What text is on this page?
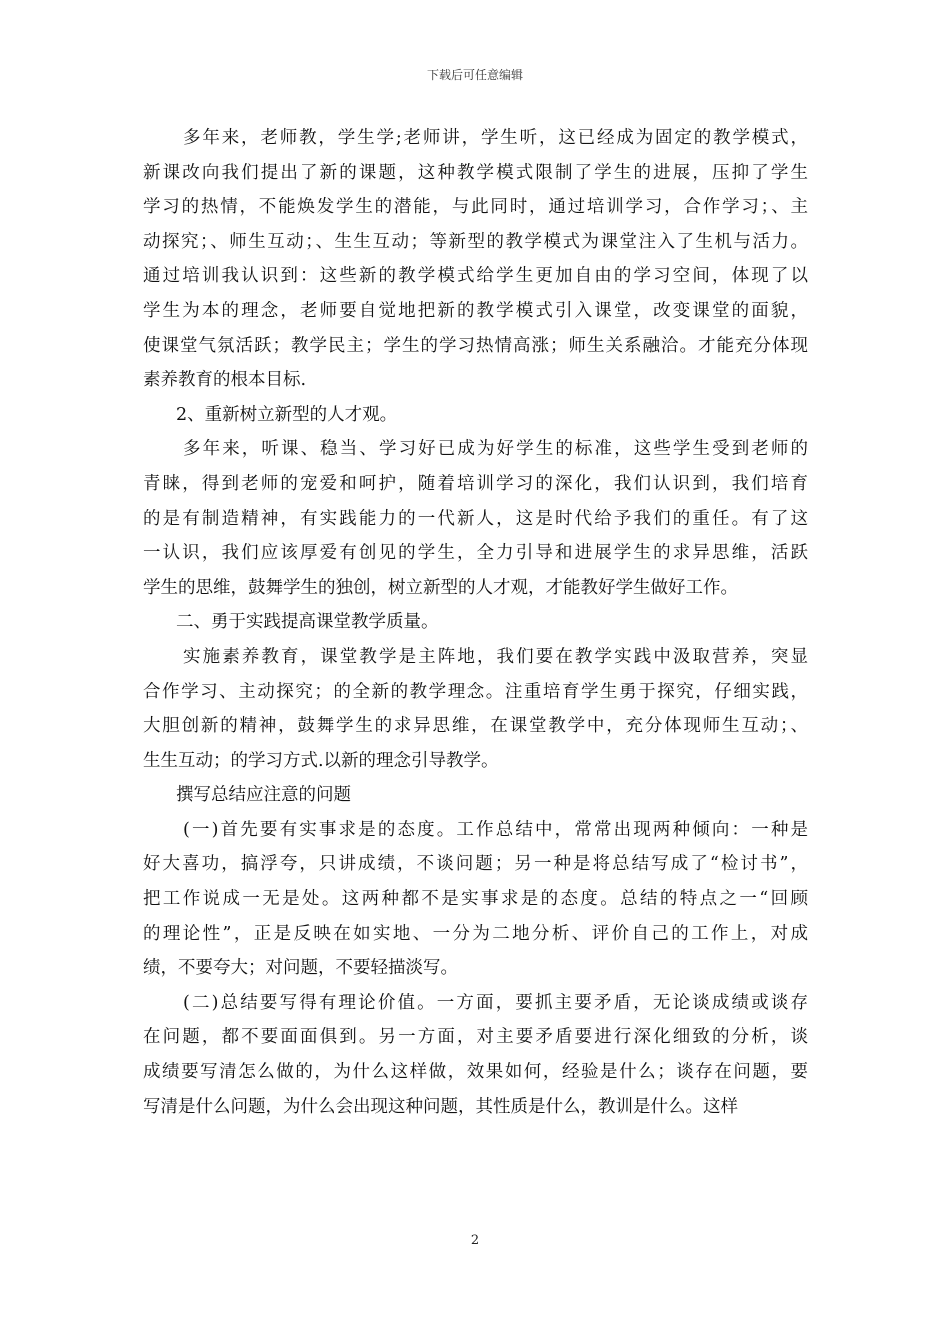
下载后可任意编辑
多年来，老师教，学生学;老师讲，学生听，这已经成为固定的教学模式，
新课改向我们提出了新的课题，这种教学模式限制了学生的进展，压抑了学生
学习的热情，不能焕发学生的潜能，与此同时，通过培训学习，合作学习；、主
动探究；、师生互动；、生生互动；等新型的教学模式为课堂注入了生机与活力。
通过培训我认识到：这些新的教学模式给学生更加自由的学习空间，体现了以
学生为本的理念，老师要自觉地把新的教学模式引入课堂，改变课堂的面貌，
使课堂气氛活跃；教学民主；学生的学习热情高涨；师生关系融洽。才能充分体现
素养教育的根本目标.
2、重新树立新型的人才观。
多年来，听课、稳当、学习好已成为好学生的标准，这些学生受到老师的
青睐，得到老师的宠爱和呵护，随着培训学习的深化，我们认识到，我们培育
的是有制造精神，有实践能力的一代新人，这是时代给予我们的重任。有了这
一认识，我们应该厚爱有创见的学生，全力引导和进展学生的求异思维，活跃
学生的思维，鼓舞学生的独创，树立新型的人才观，才能教好学生做好工作。
二、勇于实践提高课堂教学质量。
实施素养教育，课堂教学是主阵地，我们要在教学实践中汲取营养，突显
合作学习、主动探究；的全新的教学理念。注重培育学生勇于探究，仔细实践，
大胆创新的精神，鼓舞学生的求异思维，在课堂教学中，充分体现师生互动；、
生生互动；的学习方式.以新的理念引导教学。
撰写总结应注意的问题
(一)首先要有实事求是的态度。工作总结中，常常出现两种倾向：一种是
好大喜功，搞浮夸，只讲成绩，不谈问题；另一种是将总结写成了“检讨书”，
把工作说成一无是处。这两种都不是实事求是的态度。总结的特点之一“回顾
的理论性”，正是反映在如实地、一分为二地分析、评价自己的工作上，对成
绩，不要夸大；对问题，不要轻描淡写。
(二)总结要写得有理论价值。一方面，要抓主要矛盾，无论谈成绩或谈存
在问题，都不要面面俱到。另一方面，对主要矛盾要进行深化细致的分析，谈
成绩要写清怎么做的，为什么这样做，效果如何，经验是什么；谈存在问题，要
写清是什么问题，为什么会出现这种问题，其性质是什么，教训是什么。这样
2
